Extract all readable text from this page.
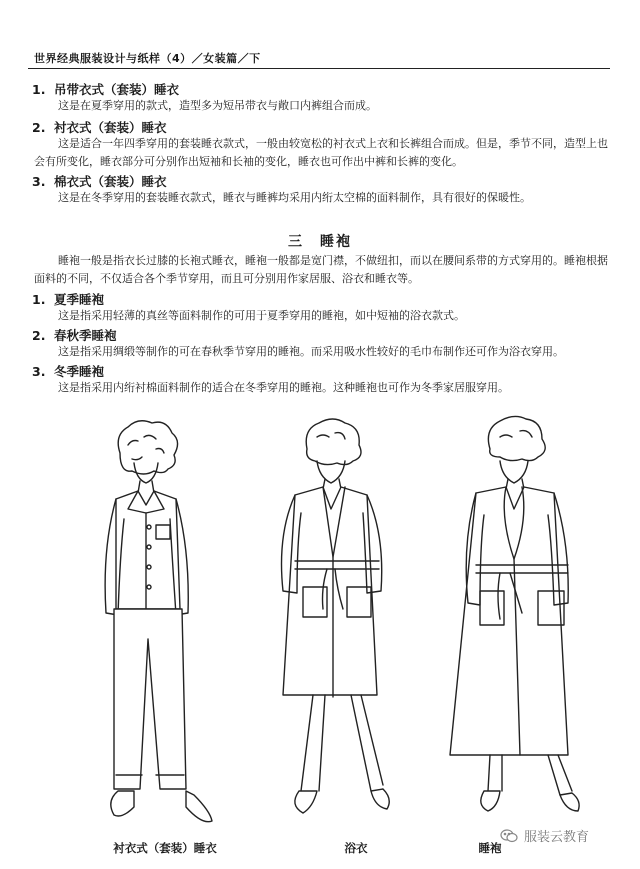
世界经典服装设计与纸样（4）／女装篇／下
1. 吊带衣式（套装）睡衣
这是在夏季穿用的款式，造型多为短吊带衣与敞口内裤组合而成。
2. 衬衣式（套装）睡衣
这是适合一年四季穿用的套装睡衣款式，一般由较宽松的衬衣式上衣和长裤组合而成。但是，季节不同，造型上也会有所变化，睡衣部分可分别作出短袖和长袖的变化，睡衣也可作出中裤和长裤的变化。
3. 棉衣式（套装）睡衣
这是在冬季穿用的套装睡衣款式，睡衣与睡裤均采用内绗太空棉的面料制作，具有很好的保暖性。
三　睡袍
睡袍一般是指衣长过膝的长袍式睡衣，睡袍一般都是宽门襟，不做纽扣，而以在腰间系带的方式穿用的。睡袍根据面料的不同，不仅适合各个季节穿用，而且可分别用作家居服、浴衣和睡衣等。
1. 夏季睡袍
这是指采用轻薄的真丝等面料制作的可用于夏季穿用的睡袍，如中短袖的浴衣款式。
2. 春秋季睡袍
这是指采用绸缎等制作的可在春秋季节穿用的睡袍。而采用吸水性较好的毛巾布制作还可作为浴衣穿用。
3. 冬季睡袍
这是指采用内绗衬棉面料制作的适合在冬季穿用的睡袍。这种睡袍也可作为冬季家居服穿用。
衬衣式（套装）睡衣	浴衣	睡袍
服装云教育
